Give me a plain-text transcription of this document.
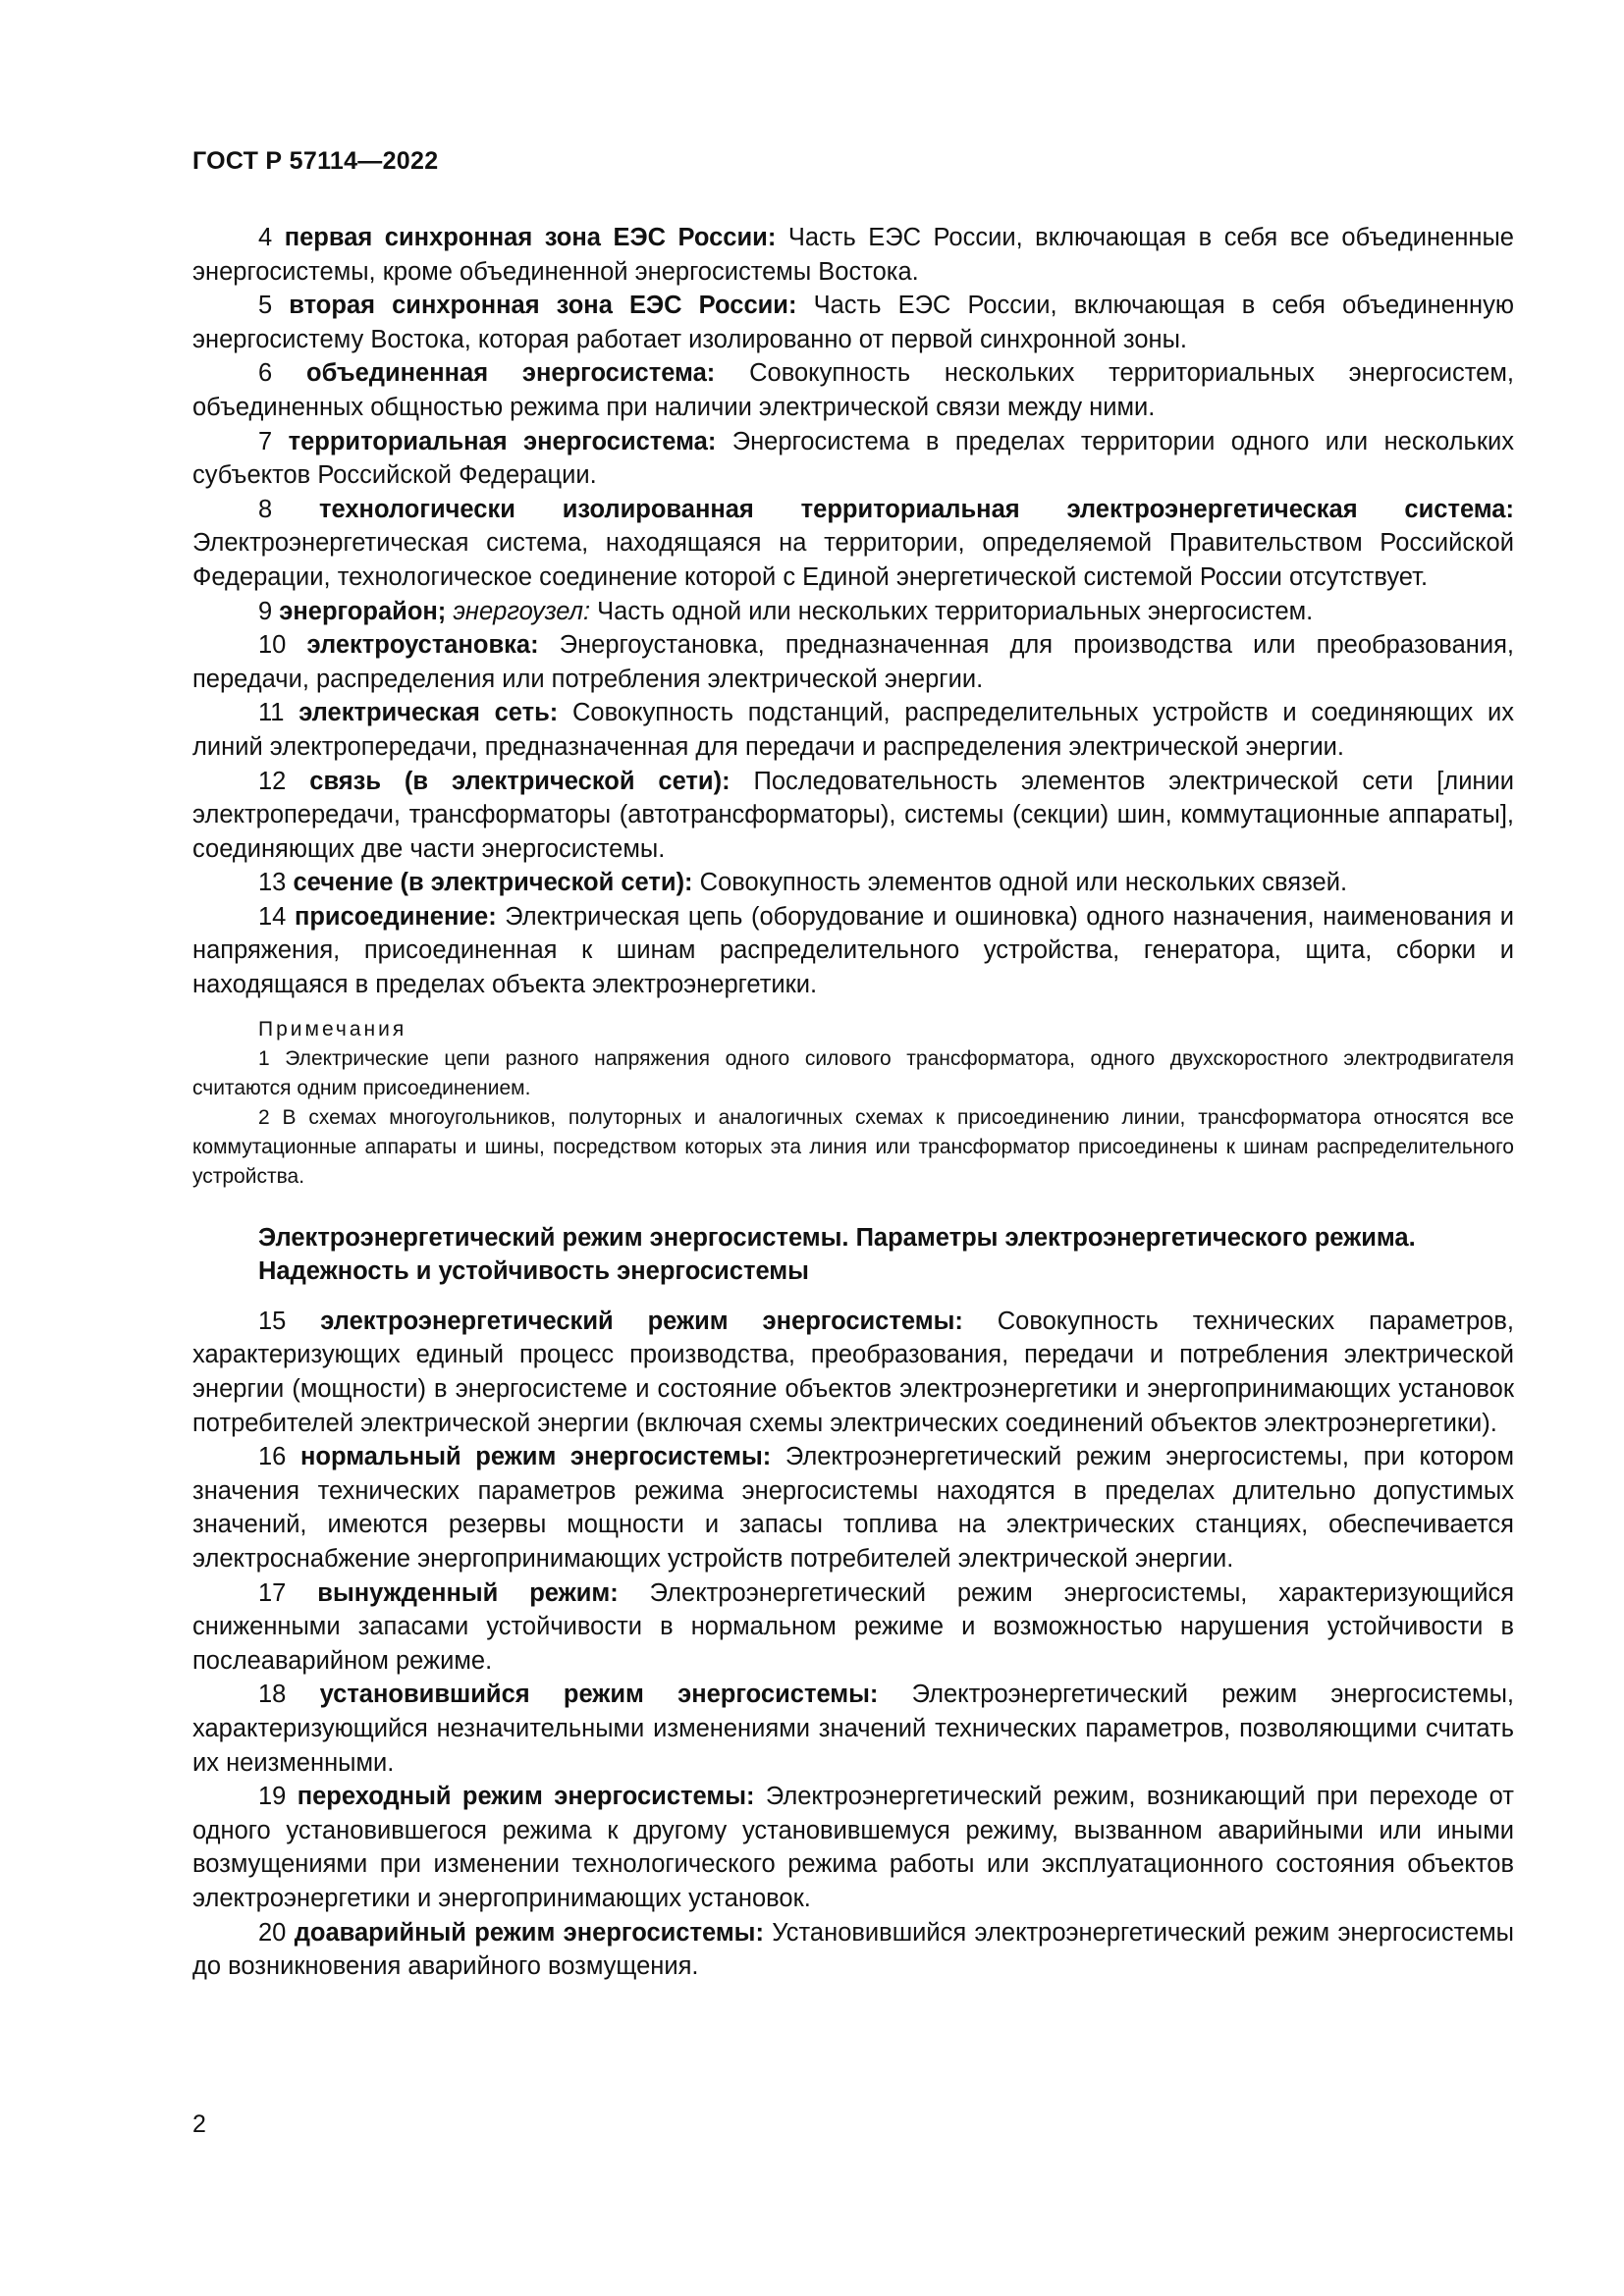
ГОСТ Р 57114—2022

4 первая синхронная зона ЕЭС России: Часть ЕЭС России, включающая в себя все объединенные энергосистемы, кроме объединенной энергосистемы Востока.

5 вторая синхронная зона ЕЭС России: Часть ЕЭС России, включающая в себя объединенную энергосистему Востока, которая работает изолированно от первой синхронной зоны.

6 объединенная энергосистема: Совокупность нескольких территориальных энергосистем, объединенных общностью режима при наличии электрической связи между ними.

7 территориальная энергосистема: Энергосистема в пределах территории одного или нескольких субъектов Российской Федерации.

8 технологически изолированная территориальная электроэнергетическая система: Электроэнергетическая система, находящаяся на территории, определяемой Правительством Российской Федерации, технологическое соединение которой с Единой энергетической системой России отсутствует.

9 энергорайон; энергоузел: Часть одной или нескольких территориальных энергосистем.

10 электроустановка: Энергоустановка, предназначенная для производства или преобразования, передачи, распределения или потребления электрической энергии.

11 электрическая сеть: Совокупность подстанций, распределительных устройств и соединяющих их линий электропередачи, предназначенная для передачи и распределения электрической энергии.

12 связь (в электрической сети): Последовательность элементов электрической сети [линии электропередачи, трансформаторы (автотрансформаторы), системы (секции) шин, коммутационные аппараты], соединяющих две части энергосистемы.

13 сечение (в электрической сети): Совокупность элементов одной или нескольких связей.

14 присоединение: Электрическая цепь (оборудование и ошиновка) одного назначения, наименования и напряжения, присоединенная к шинам распределительного устройства, генератора, щита, сборки и находящаяся в пределах объекта электроэнергетики.

Примечания

1 Электрические цепи разного напряжения одного силового трансформатора, одного двухскоростного электродвигателя считаются одним присоединением.

2 В схемах многоугольников, полуторных и аналогичных схемах к присоединению линии, трансформатора относятся все коммутационные аппараты и шины, посредством которых эта линия или трансформатор присоединены к шинам распределительного устройства.

Электроэнергетический режим энергосистемы. Параметры электроэнергетического режима. Надежность и устойчивость энергосистемы

15 электроэнергетический режим энергосистемы: Совокупность технических параметров, характеризующих единый процесс производства, преобразования, передачи и потребления электрической энергии (мощности) в энергосистеме и состояние объектов электроэнергетики и энергопринимающих установок потребителей электрической энергии (включая схемы электрических соединений объектов электроэнергетики).

16 нормальный режим энергосистемы: Электроэнергетический режим энергосистемы, при котором значения технических параметров режима энергосистемы находятся в пределах длительно допустимых значений, имеются резервы мощности и запасы топлива на электрических станциях, обеспечивается электроснабжение энергопринимающих устройств потребителей электрической энергии.

17 вынужденный режим: Электроэнергетический режим энергосистемы, характеризующийся сниженными запасами устойчивости в нормальном режиме и возможностью нарушения устойчивости в послеаварийном режиме.

18 установившийся режим энергосистемы: Электроэнергетический режим энергосистемы, характеризующийся незначительными изменениями значений технических параметров, позволяющими считать их неизменными.

19 переходный режим энергосистемы: Электроэнергетический режим, возникающий при переходе от одного установившегося режима к другому установившемуся режиму, вызванном аварийными или иными возмущениями при изменении технологического режима работы или эксплуатационного состояния объектов электроэнергетики и энергопринимающих установок.

20 доаварийный режим энергосистемы: Установившийся электроэнергетический режим энергосистемы до возникновения аварийного возмущения.

2
